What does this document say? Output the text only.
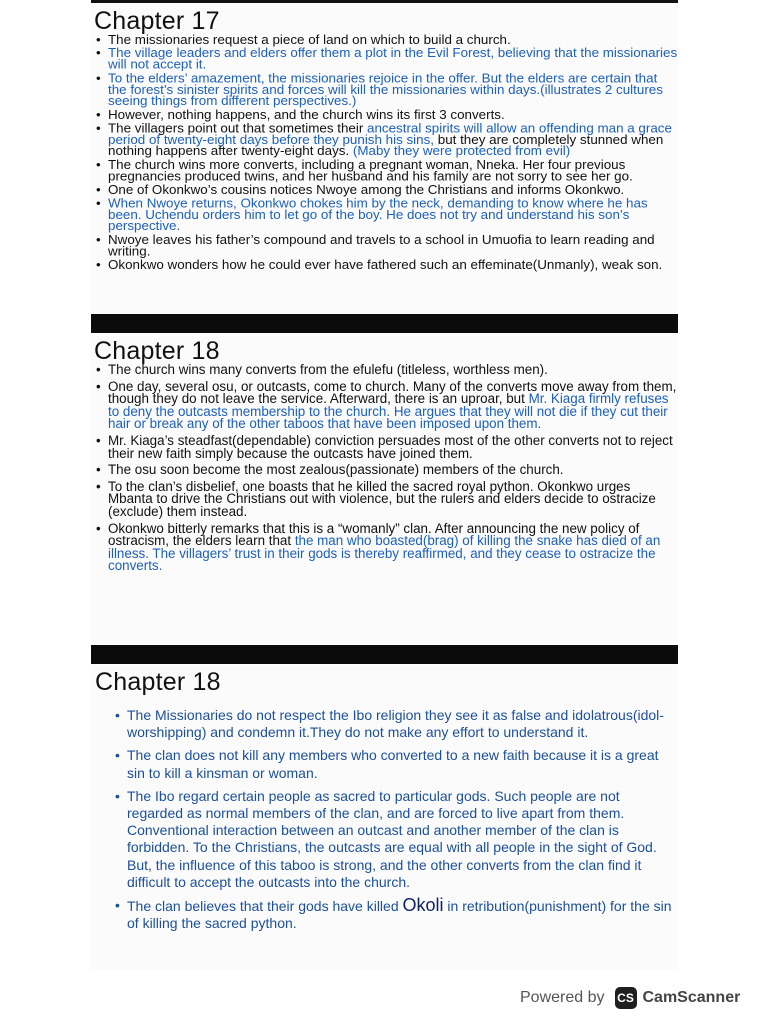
Chapter 17
• The missionaries request a piece of land on which to build a church.
• The village leaders and elders offer them a plot in the Evil Forest, believing that the missionaries will not accept it.
• To the elders’ amazement, the missionaries rejoice in the offer. But the elders are certain that the forest’s sinister spirits and forces will kill the missionaries within days.(illustrates 2 cultures seeing things from different perspectives.)
• However, nothing happens, and the church wins its first 3 converts.
• The villagers point out that sometimes their ancestral spirits will allow an offending man a grace period of twenty-eight days before they punish his sins, but they are completely stunned when nothing happens after twenty-eight days. (Maby they were protected from evil)
• The church wins more converts, including a pregnant woman, Nneka. Her four previous pregnancies produced twins, and her husband and his family are not sorry to see her go.
• One of Okonkwo’s cousins notices Nwoye among the Christians and informs Okonkwo.
• When Nwoye returns, Okonkwo chokes him by the neck, demanding to know where he has been. Uchendu orders him to let go of the boy. He does not try and understand his son’s perspective.
• Nwoye leaves his father’s compound and travels to a school in Umuofia to learn reading and writing.
• Okonkwo wonders how he could ever have fathered such an effeminate(Unmanly), weak son.
Chapter 18
• The church wins many converts from the efulefu (titleless, worthless men).
• One day, several osu, or outcasts, come to church. Many of the converts move away from them, though they do not leave the service. Afterward, there is an uproar, but Mr. Kiaga firmly refuses to deny the outcasts membership to the church. He argues that they will not die if they cut their hair or break any of the other taboos that have been imposed upon them.
• Mr. Kiaga’s steadfast(dependable) conviction persuades most of the other converts not to reject their new faith simply because the outcasts have joined them.
• The osu soon become the most zealous(passionate) members of the church.
• To the clan’s disbelief, one boasts that he killed the sacred royal python. Okonkwo urges Mbanta to drive the Christians out with violence, but the rulers and elders decide to ostracize (exclude) them instead.
• Okonkwo bitterly remarks that this is a “womanly” clan. After announcing the new policy of ostracism, the elders learn that the man who boasted(brag) of killing the snake has died of an illness. The villagers’ trust in their gods is thereby reaffirmed, and they cease to ostracize the converts.
Chapter 18
• The Missionaries do not respect the Ibo religion they see it as false and idolatrous(idol-worshipping) and condemn it.They do not make any effort to understand it.
• The clan does not kill any members who converted to a new faith because it is a great sin to kill a kinsman or woman.
• The Ibo regard certain people as sacred to particular gods. Such people are not regarded as normal members of the clan, and are forced to live apart from them. Conventional interaction between an outcast and another member of the clan is forbidden. To the Christians, the outcasts are equal with all people in the sight of God. But, the influence of this taboo is strong, and the other converts from the clan find it difficult to accept the outcasts into the church.
• The clan believes that their gods have killed Okoli in retribution(punishment) for the sin of killing the sacred python.
Powered by CS CamScanner
